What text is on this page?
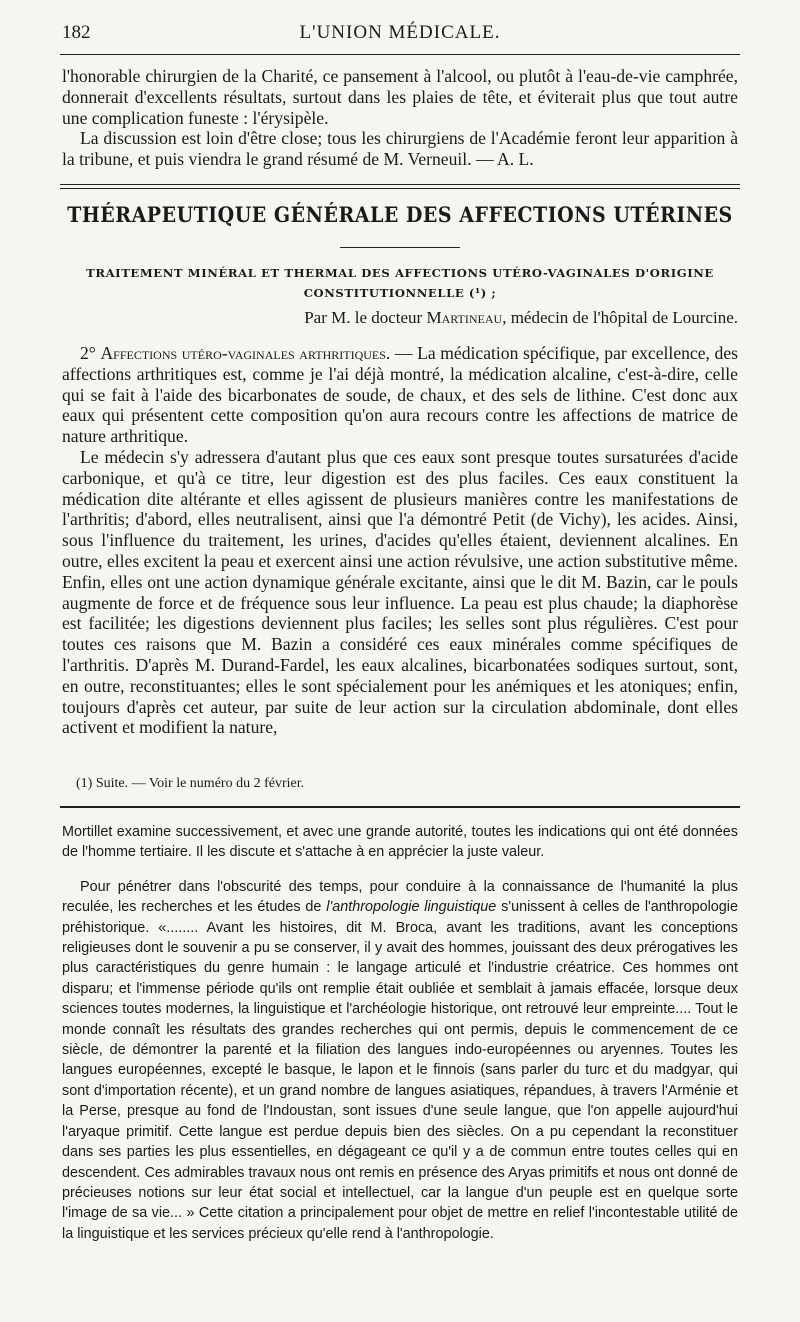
182	L'UNION MÉDICALE.

l'honorable chirurgien de la Charité, ce pansement à l'alcool, ou plutôt à l'eau-de-vie camphrée, donnerait d'excellents résultats, surtout dans les plaies de tête, et éviterait plus que tout autre une complication funeste : l'érysipèle.

La discussion est loin d'être close; tous les chirurgiens de l'Académie feront leur apparition à la tribune, et puis viendra le grand résumé de M. Verneuil. — A. L.

THÉRAPEUTIQUE GÉNÉRALE DES AFFECTIONS UTÉRINES
TRAITEMENT MINÉRAL ET THERMAL DES AFFECTIONS UTÉRO-VAGINALES D'ORIGINE
CONSTITUTIONNELLE (¹) ;
Par M. le docteur Martineau, médecin de l'hôpital de Lourcine.

2° Affections utéro-vaginales arthritiques. — La médication spécifique, par excellence, des affections arthritiques est, comme je l'ai déjà montré, la médication alcaline, c'est-à-dire, celle qui se fait à l'aide des bicarbonates de soude, de chaux, et des sels de lithine. C'est donc aux eaux qui présentent cette composition qu'on aura recours contre les affections de matrice de nature arthritique.

Le médecin s'y adressera d'autant plus que ces eaux sont presque toutes sursaturées d'acide carbonique, et qu'à ce titre, leur digestion est des plus faciles. Ces eaux constituent la médication dite altérante et elles agissent de plusieurs manières contre les manifestations de l'arthritis; d'abord, elles neutralisent, ainsi que l'a démontré Petit (de Vichy), les acides. Ainsi, sous l'influence du traitement, les urines, d'acides qu'elles étaient, deviennent alcalines. En outre, elles excitent la peau et exercent ainsi une action révulsive, une action substitutive même. Enfin, elles ont une action dynamique générale excitante, ainsi que le dit M. Bazin, car le pouls augmente de force et de fréquence sous leur influence. La peau est plus chaude; la diaphorèse est facilitée; les digestions deviennent plus faciles; les selles sont plus régulières. C'est pour toutes ces raisons que M. Bazin a considéré ces eaux minérales comme spécifiques de l'arthritis. D'après M. Durand-Fardel, les eaux alcalines, bicarbonatées sodiques surtout, sont, en outre, reconstituantes; elles le sont spécialement pour les anémiques et les atoniques; enfin, toujours d'après cet auteur, par suite de leur action sur la circulation abdominale, dont elles activent et modifient la nature,

(1) Suite. — Voir le numéro du 2 février.

Mortillet examine successivement, et avec une grande autorité, toutes les indications qui ont été données de l'homme tertiaire. Il les discute et s'attache à en apprécier la juste valeur.

Pour pénétrer dans l'obscurité des temps, pour conduire à la connaissance de l'humanité la plus reculée, les recherches et les études de l'anthropologie linguistique s'unissent à celles de l'anthropologie préhistorique. «........ Avant les histoires, dit M. Broca, avant les traditions, avant les conceptions religieuses dont le souvenir a pu se conserver, il y avait des hommes, jouissant des deux prérogatives les plus caractéristiques du genre humain : le langage articulé et l'industrie créatrice. Ces hommes ont disparu; et l'immense période qu'ils ont remplie était oubliée et semblait à jamais effacée, lorsque deux sciences toutes modernes, la linguistique et l'archéologie historique, ont retrouvé leur empreinte.... Tout le monde connaît les résultats des grandes recherches qui ont permis, depuis le commencement de ce siècle, de démontrer la parenté et la filiation des langues indo-européennes ou aryennes. Toutes les langues européennes, excepté le basque, le lapon et le finnois (sans parler du turc et du madgyar, qui sont d'importation récente), et un grand nombre de langues asiatiques, répandues, à travers l'Arménie et la Perse, presque au fond de l'Indoustan, sont issues d'une seule langue, que l'on appelle aujourd'hui l'aryaque primitif. Cette langue est perdue depuis bien des siècles. On a pu cependant la reconstituer dans ses parties les plus essentielles, en dégageant ce qu'il y a de commun entre toutes celles qui en descendent. Ces admirables travaux nous ont remis en présence des Aryas primitifs et nous ont donné de précieuses notions sur leur état social et intellectuel, car la langue d'un peuple est en quelque sorte l'image de sa vie... » Cette citation a principalement pour objet de mettre en relief l'incontestable utilité de la linguistique et les services précieux qu'elle rend à l'anthropologie.
